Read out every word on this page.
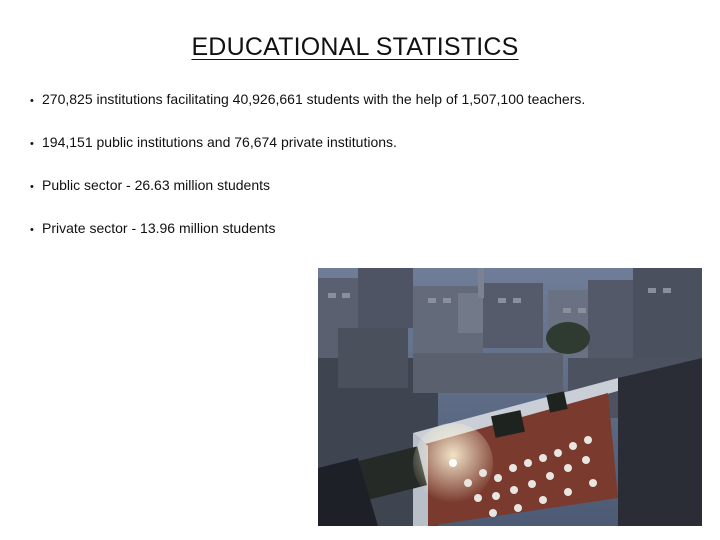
EDUCATIONAL STATISTICS
• 270,825 institutions facilitating 40,926,661 students with the help of 1,507,100 teachers.
• 194,151 public institutions and 76,674 private institutions.
• Public sector - 26.63 million students
• Private sector - 13.96 million students
